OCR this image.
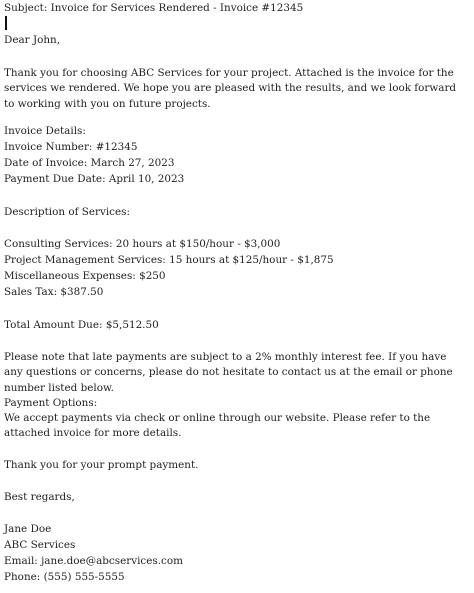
Subject: Invoice for Services Rendered - Invoice #12345
Dear John,
Thank you for choosing ABC Services for your project. Attached is the invoice for the services we rendered. We hope you are pleased with the results, and we look forward to working with you on future projects.
Invoice Details:
Invoice Number: #12345
Date of Invoice: March 27, 2023
Payment Due Date: April 10, 2023
Description of Services:
Consulting Services: 20 hours at $150/hour - $3,000
Project Management Services: 15 hours at $125/hour - $1,875
Miscellaneous Expenses: $250
Sales Tax: $387.50
Total Amount Due: $5,512.50
Please note that late payments are subject to a 2% monthly interest fee. If you have any questions or concerns, please do not hesitate to contact us at the email or phone number listed below.
Payment Options:
We accept payments via check or online through our website. Please refer to the attached invoice for more details.
Thank you for your prompt payment.
Best regards,
Jane Doe
ABC Services
Email: jane.doe@abcservices.com
Phone: (555) 555-5555
